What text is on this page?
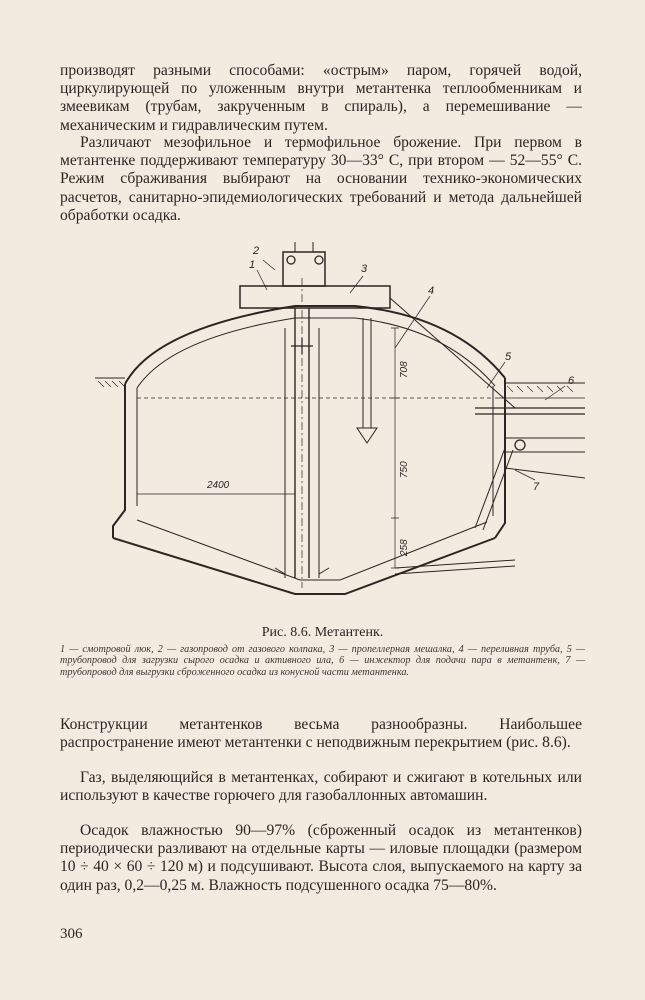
производят разными способами: «острым» паром, горячей водой, циркулирующей по уложенным внутри метантенка теплообменникам и змеевикам (трубам, закрученным в спираль), а перемешивание — механическим и гидравлическим путем.

Различают мезофильное и термофильное брожение. При первом в метантенке поддерживают температуру 30—33° С, при втором — 52—55° С. Режим сбраживания выбирают на основании технико-экономических расчетов, санитарно-эпидемиологических требований и метода дальнейшей обработки осадка.

1
2
3
4
5
6
7
2400
708
750
258

Рис. 8.6. Метантенк.

1 — смотровой люк, 2 — газопровод от газового колпака, 3 — пропеллерная мешалка, 4 — переливная труба, 5 — трубопровод для загрузки сырого осадка и активного ила, 6 — инжектор для подачи пара в метантенк, 7 — трубопровод для выгрузки сброженного осадка из конусной части метантенка.

Конструкции метантенков весьма разнообразны. Наибольшее распространение имеют метантенки с неподвижным перекрытием (рис. 8.6).

Газ, выделяющийся в метантенках, собирают и сжигают в котельных или используют в качестве горючего для газобаллонных автомашин.

Осадок влажностью 90—97% (сброженный осадок из метантенков) периодически разливают на отдельные карты — иловые площадки (размером 10 ÷ 40 × 60 ÷ 120 м) и подсушивают. Высота слоя, выпускаемого на карту за один раз, 0,2—0,25 м. Влажность подсушенного осадка 75—80%.

306
